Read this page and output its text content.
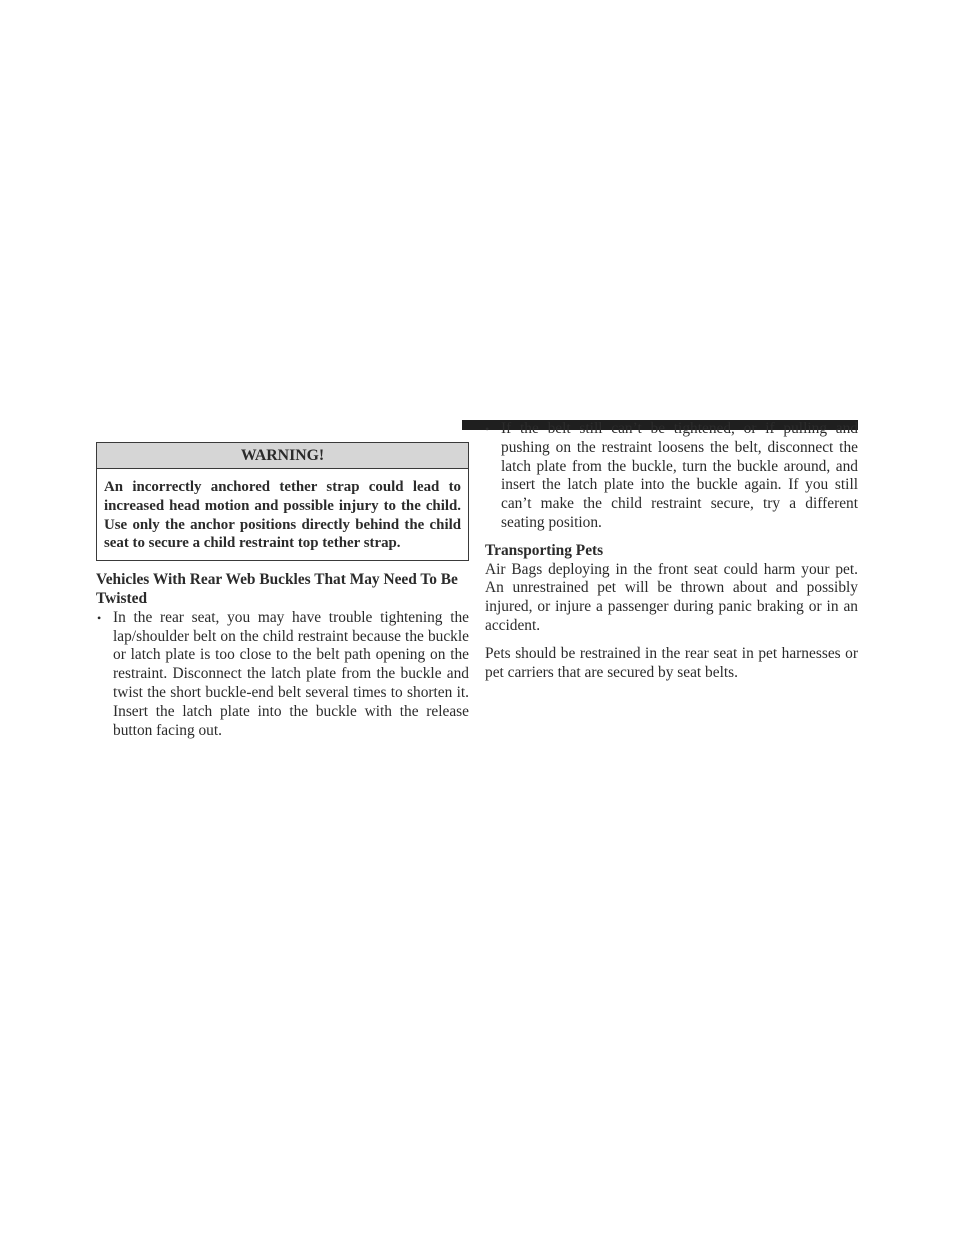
WARNING!
An incorrectly anchored tether strap could lead to increased head motion and possible injury to the child. Use only the anchor positions directly behind the child seat to secure a child restraint top tether strap.
Vehicles With Rear Web Buckles That May Need To Be Twisted
• In the rear seat, you may have trouble tightening the lap/shoulder belt on the child restraint because the buckle or latch plate is too close to the belt path opening on the restraint. Disconnect the latch plate from the buckle and twist the short buckle-end belt several times to shorten it. Insert the latch plate into the buckle with the release button facing out.
• If the belt still can’t be tightened, or if pulling and pushing on the restraint loosens the belt, disconnect the latch plate from the buckle, turn the buckle around, and insert the latch plate into the buckle again. If you still can’t make the child restraint secure, try a different seating position.
Transporting Pets

Air Bags deploying in the front seat could harm your pet. An unrestrained pet will be thrown about and possibly injured, or injure a passenger during panic braking or in an accident.

Pets should be restrained in the rear seat in pet harnesses or pet carriers that are secured by seat belts.
